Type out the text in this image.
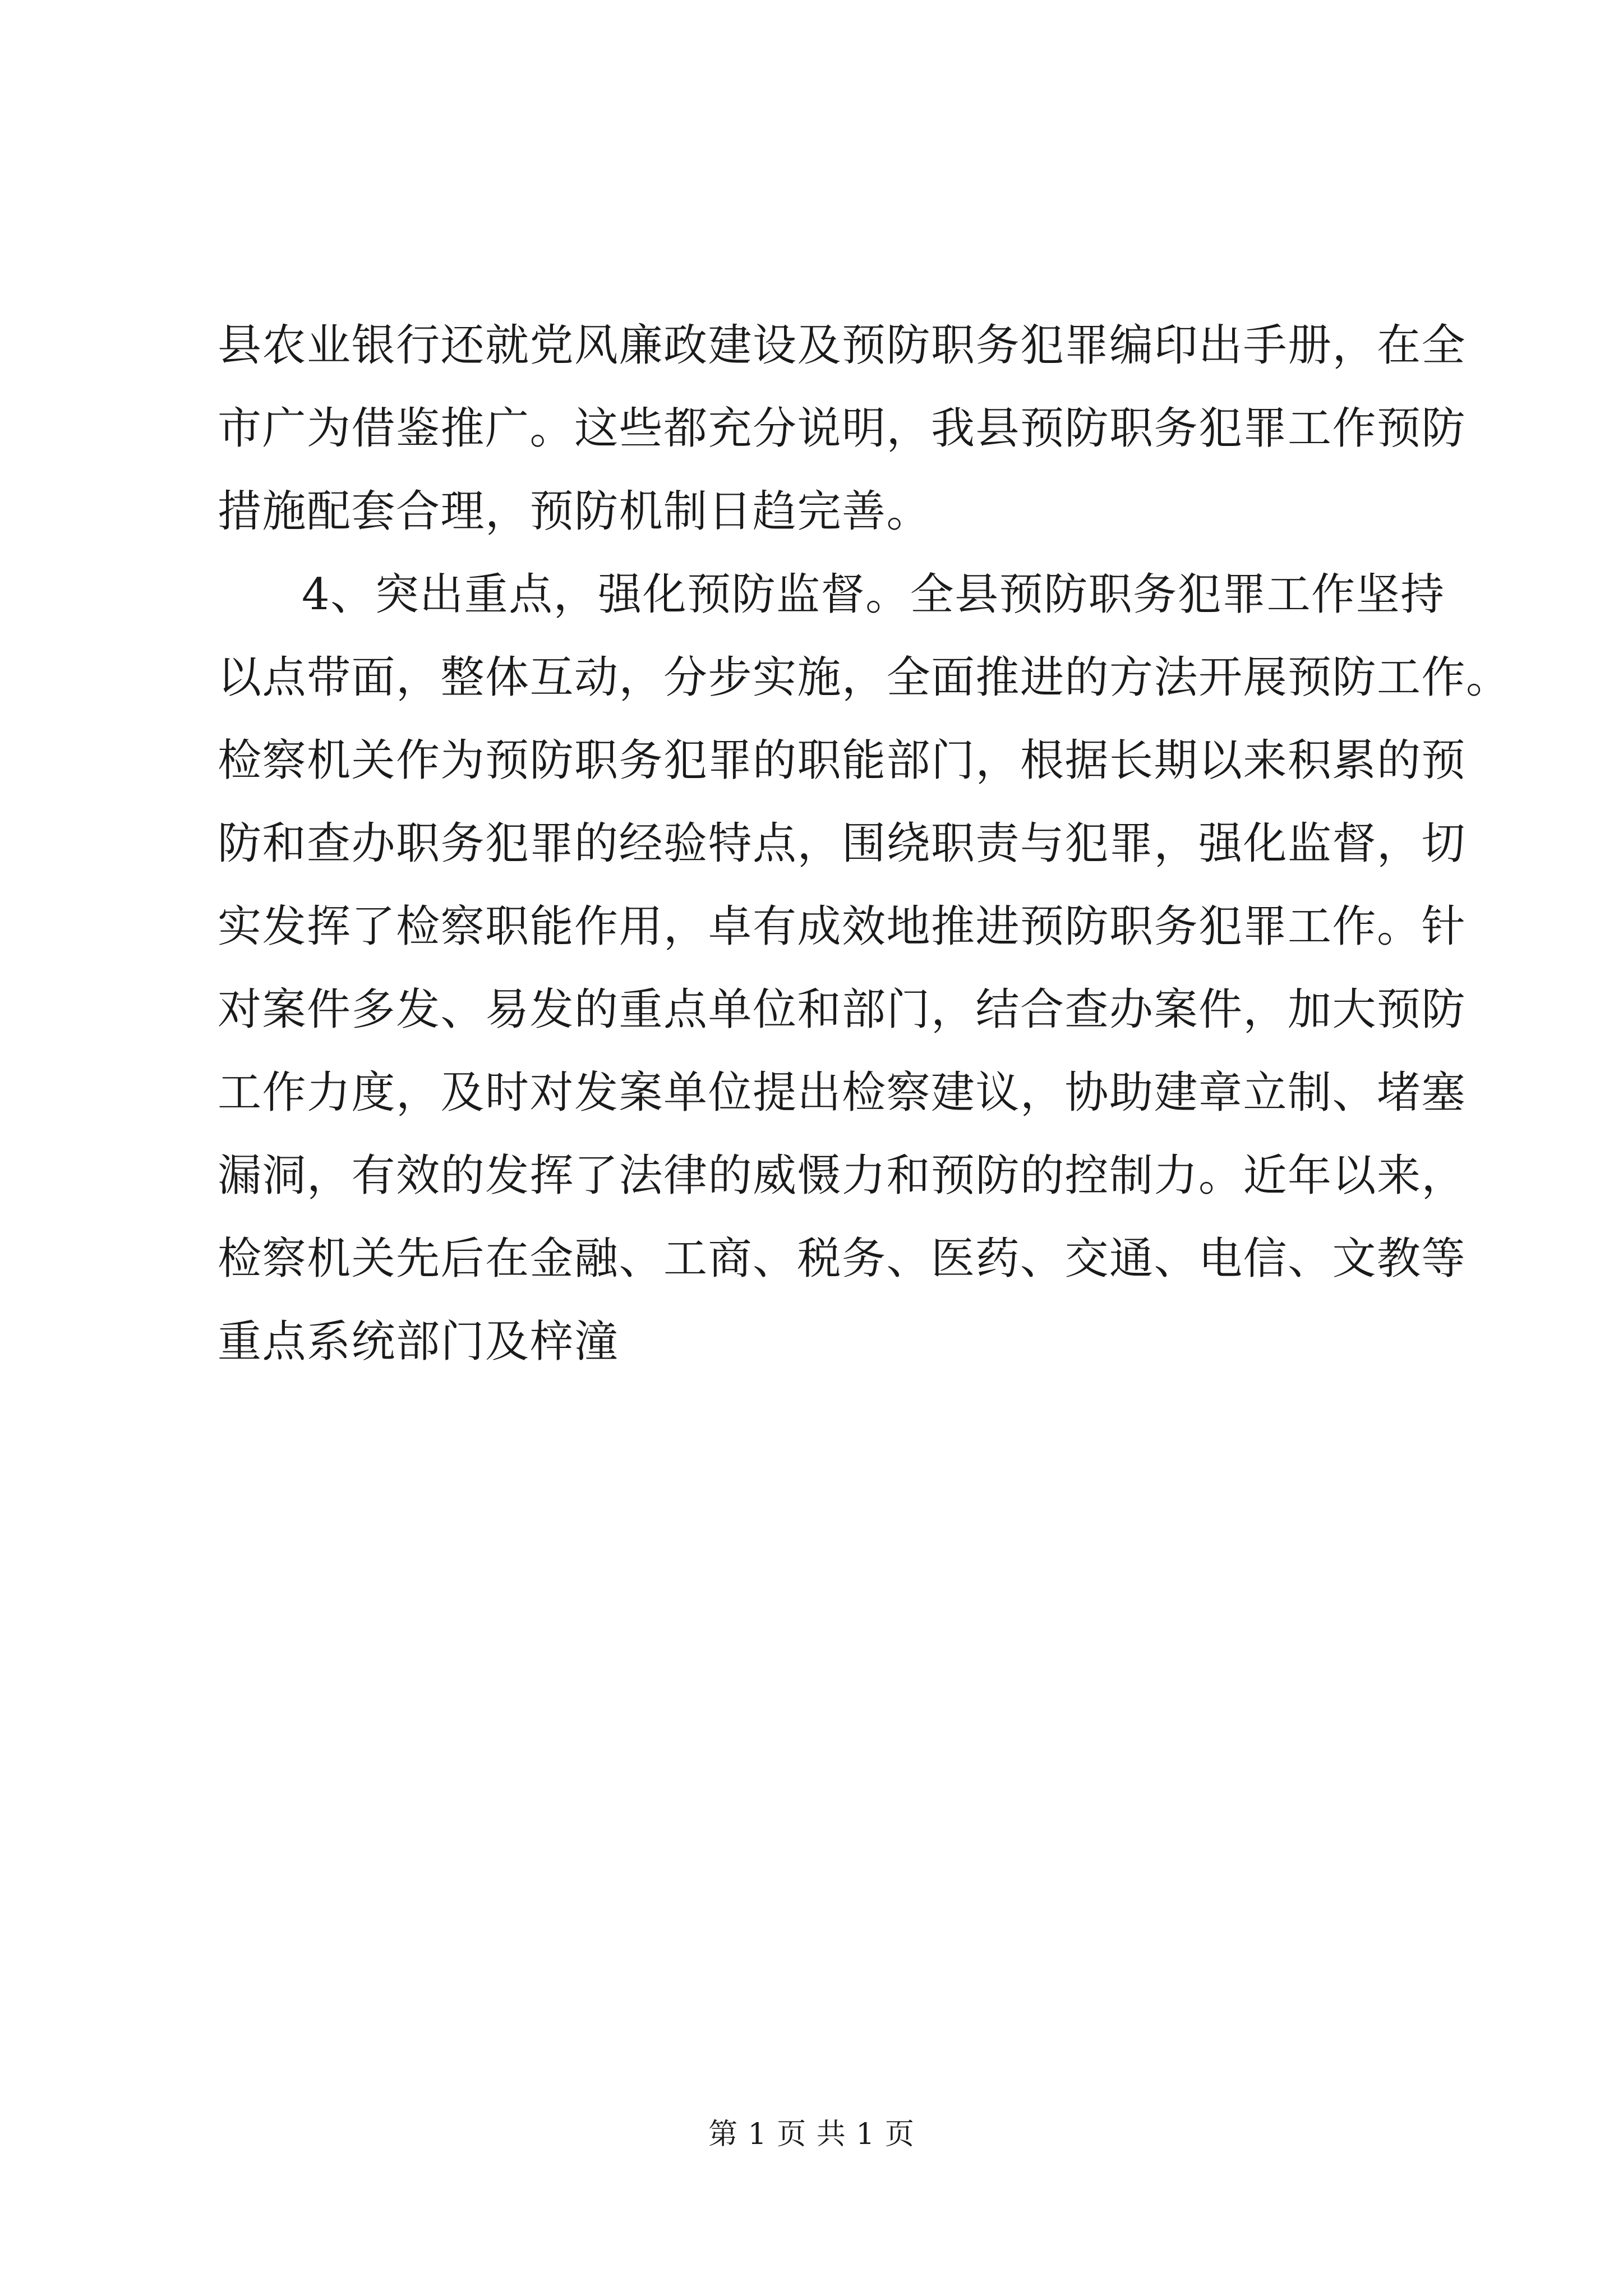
县农业银行还就党风廉政建设及预防职务犯罪编印出手册，在全
市广为借鉴推广。这些都充分说明，我县预防职务犯罪工作预防
措施配套合理，预防机制日趋完善。
4、突出重点，强化预防监督。全县预防职务犯罪工作坚持
以点带面，整体互动，分步实施，全面推进的方法开展预防工作。
检察机关作为预防职务犯罪的职能部门，根据长期以来积累的预
防和查办职务犯罪的经验特点，围绕职责与犯罪，强化监督，切
实发挥了检察职能作用，卓有成效地推进预防职务犯罪工作。针
对案件多发、易发的重点单位和部门，结合查办案件，加大预防
工作力度，及时对发案单位提出检察建议，协助建章立制、堵塞
漏洞，有效的发挥了法律的威慑力和预防的控制力。近年以来，
检察机关先后在金融、工商、税务、医药、交通、电信、文教等
重点系统部门及梓潼
第 1 页 共 1 页
